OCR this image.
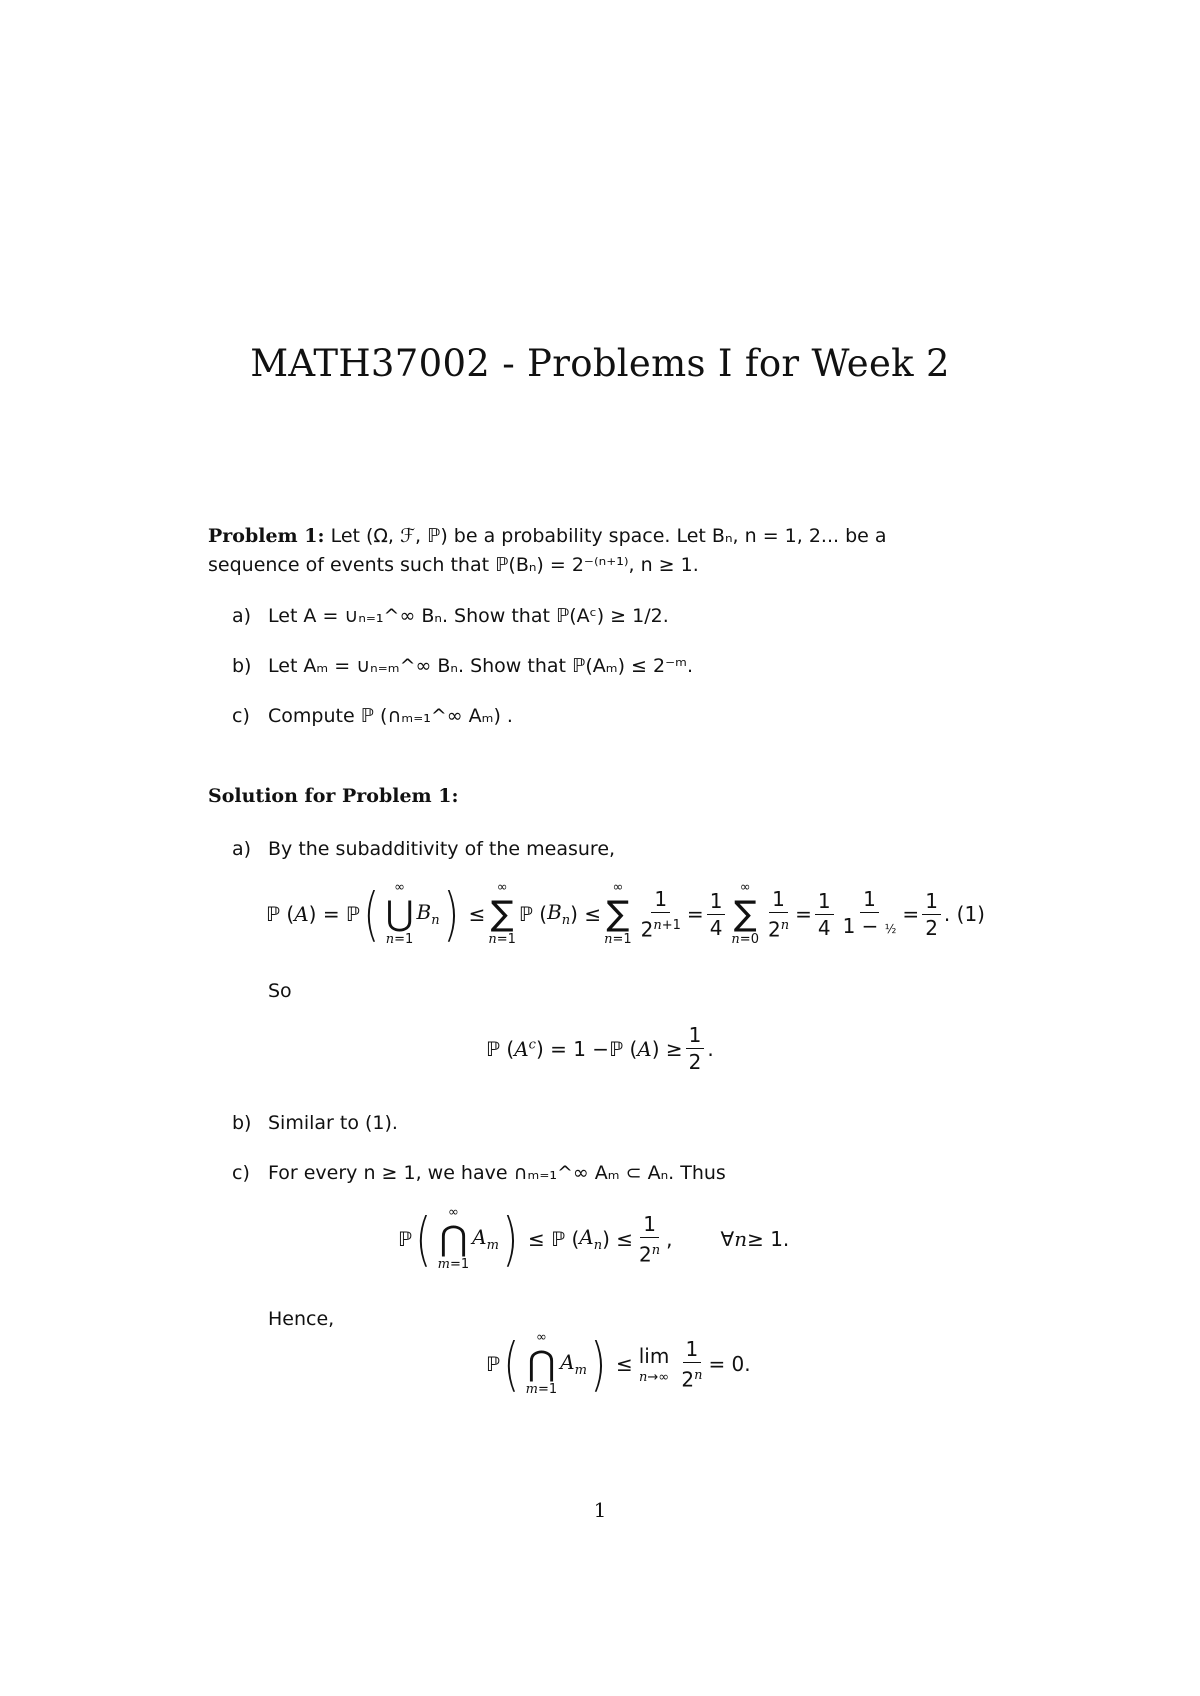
MATH37002 - Problems I for Week 2
Problem 1: Let (Ω, ℱ, ℙ) be a probability space. Let Bₙ, n = 1, 2... be a
sequence of events such that ℙ(Bₙ) = 2⁻⁽ⁿ⁺¹⁾, n ≥ 1.
a) Let A = ∪ₙ₌₁^∞ Bₙ. Show that ℙ(Aᶜ) ≥ 1/2.
b) Let Aₘ = ∪ₙ₌ₘ^∞ Bₙ. Show that ℙ(Aₘ) ≤ 2⁻ᵐ.
c) Compute ℙ (∩ₘ₌₁^∞ Aₘ) .
Solution for Problem 1:
a) By the subadditivity of the measure,
ℙ ( A ) = ℙ ( ∞
⋃
n=1
$B_n$ ) ≤
∞
∑
n=1
ℙ ( $B_n$ ) ≤
∞
∑
$n=1 \frac{1}{2^{n+1}} = \frac{1}{4}$ ∞
∑
$n=0 \frac{1}{2^n} = \frac{1}{4} \frac{1}{\text{1 − ½}} = \frac{1}{2}$ . (1)
So
ℙ ( $A^c$ ) = 1 − ℙ ( A ) ≥ $\frac{1}{2}$ .
b) Similar to (1).
c) For every n ≥ 1, we have ∩ₘ₌₁^∞ Aₘ ⊂ Aₙ. Thus
ℙ ( ∞
⋂
m=1
$A_m$ ) ≤ ℙ ( $A_n$ ) ≤ $\frac{1}{2^n}$ ,
∀ n ≥ 1.
Hence,
ℙ ( ∞
⋂
m=1
$A_m$ ) ≤ lim
$n\to\infty \frac{1}{2^n} = 0$.
1
